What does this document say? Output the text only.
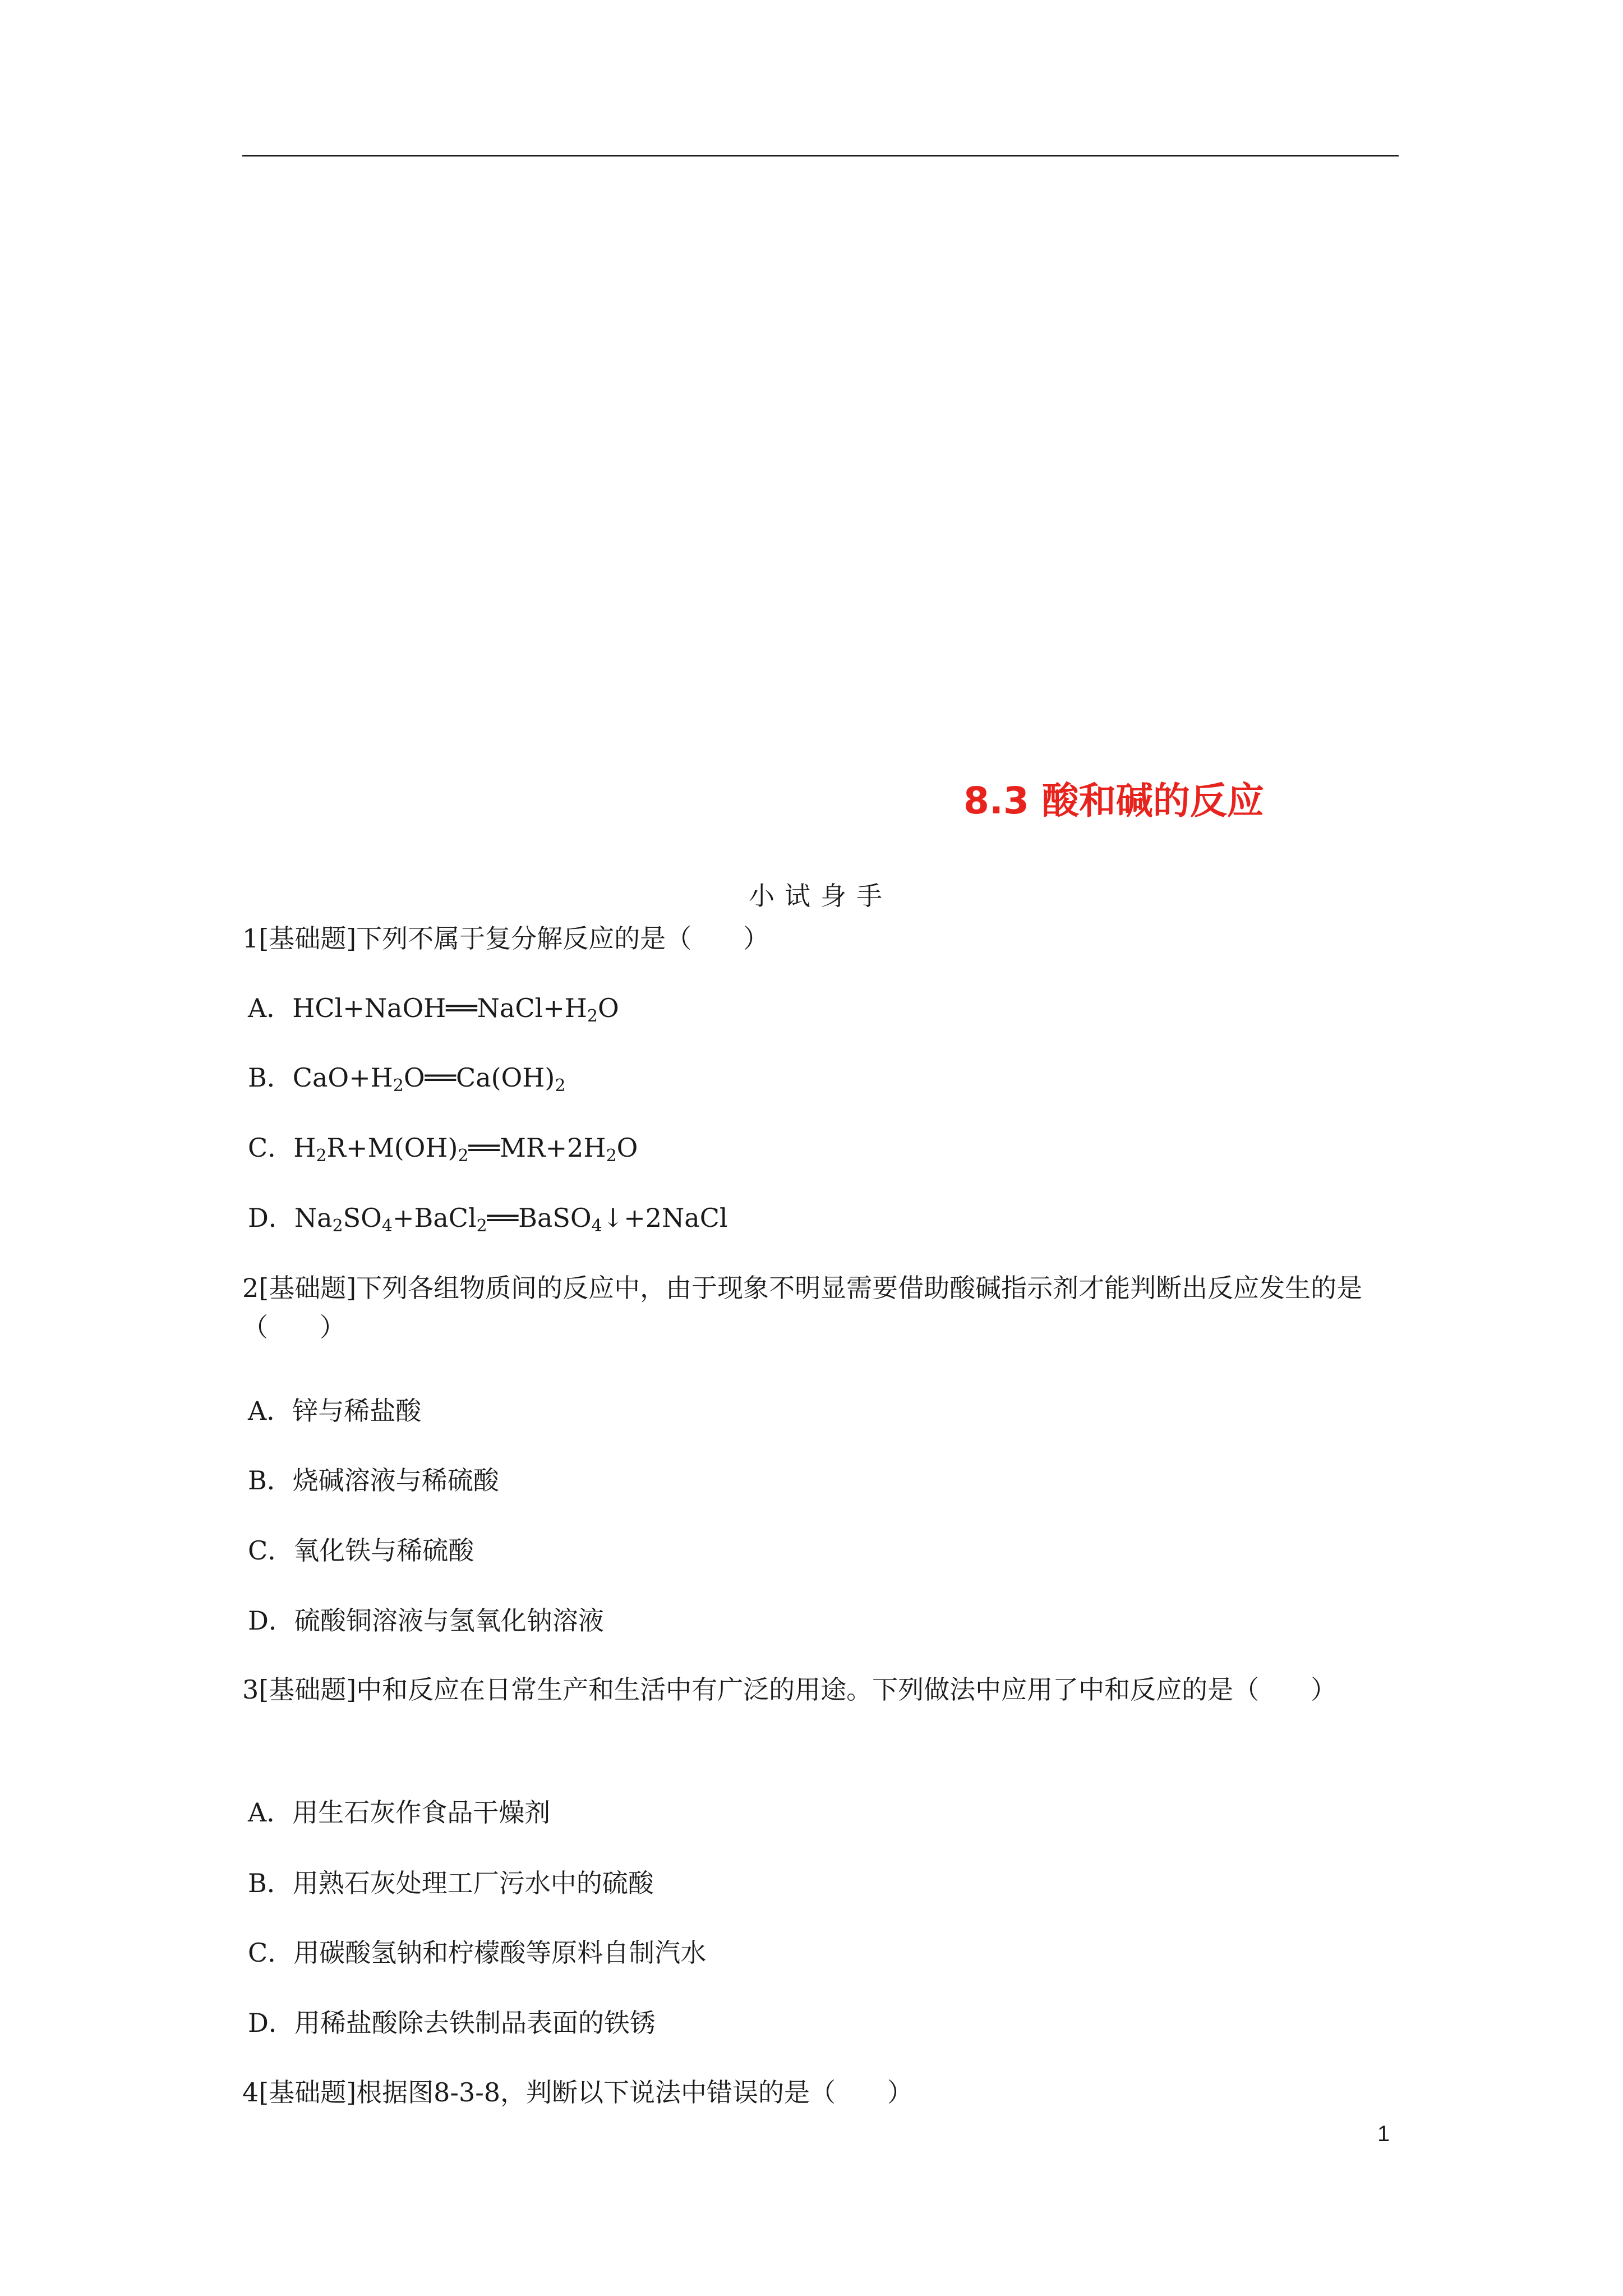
8.3 酸和碱的反应
小试身手
1[基础题]下列不属于复分解反应的是（　　）
A．$HCl+NaOH══NaCl+H_2O$
B．$CaO+H_2O══Ca(OH)_2$
C．$H_2R+M(OH)_2══MR+2H_2O$
D．$Na_2SO_4+BaCl_2══BaSO_4↓+2NaCl$
2[基础题]下列各组物质间的反应中，由于现象不明显需要借助酸碱指示剂才能判断出反应发生的是（　　）
A．锌与稀盐酸
B．烧碱溶液与稀硫酸
C．氧化铁与稀硫酸
D．硫酸铜溶液与氢氧化钠溶液
3[基础题]中和反应在日常生产和生活中有广泛的用途。下列做法中应用了中和反应的是（　　）
A．用生石灰作食品干燥剂
B．用熟石灰处理工厂污水中的硫酸
C．用碳酸氢钠和柠檬酸等原料自制汽水
D．用稀盐酸除去铁制品表面的铁锈
4[基础题]根据图8-3-8，判断以下说法中错误的是（　　）
1
